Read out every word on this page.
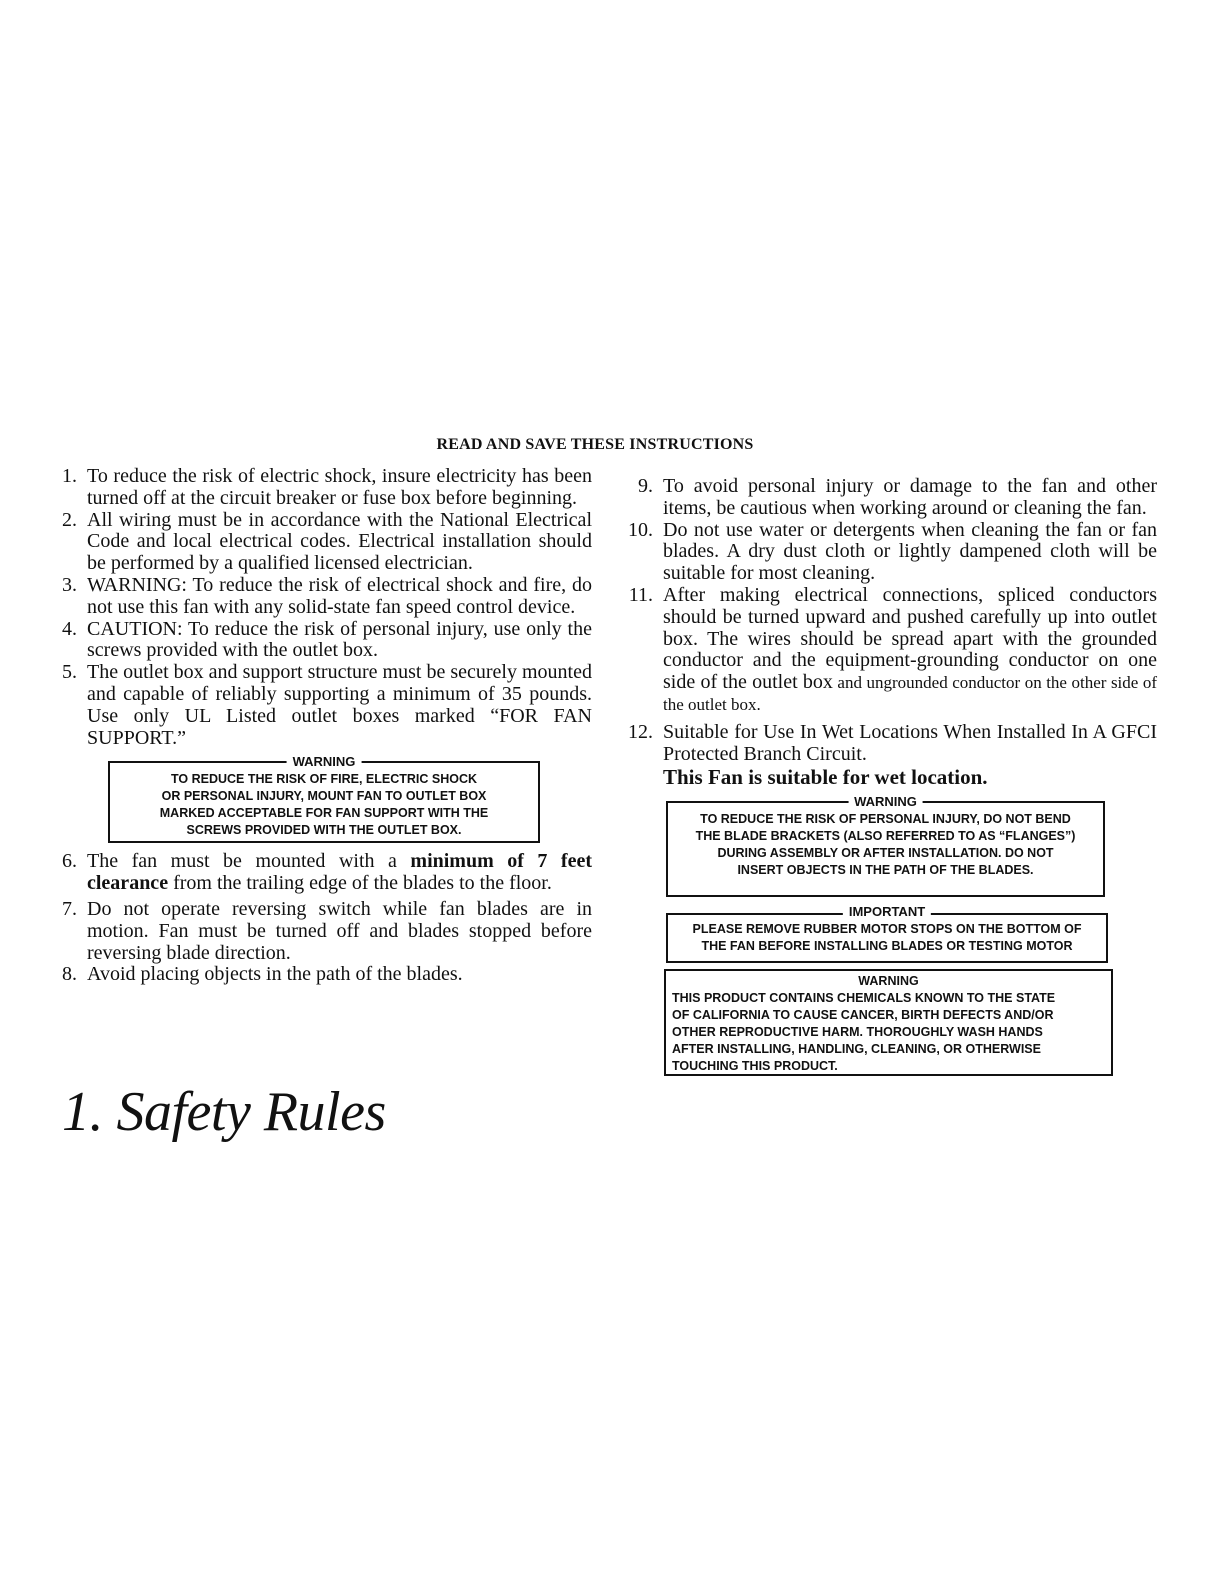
READ AND SAVE THESE INSTRUCTIONS
1. To reduce the risk of electric shock, insure electricity has been turned off at the circuit breaker or fuse box before beginning.
2. All wiring must be in accordance with the National Electrical Code and local electrical codes. Electrical installation should be performed by a qualified licensed electrician.
3. WARNING: To reduce the risk of electrical shock and fire, do not use this fan with any solid-state fan speed control device.
4. CAUTION: To reduce the risk of personal injury, use only the screws provided with the outlet box.
5. The outlet box and support structure must be securely mounted and capable of reliably supporting a minimum of 35 pounds. Use only UL Listed outlet boxes marked “FOR FAN SUPPORT.”
WARNING
TO REDUCE THE RISK OF FIRE, ELECTRIC SHOCK
OR PERSONAL INJURY, MOUNT FAN TO OUTLET BOX
MARKED ACCEPTABLE FOR FAN SUPPORT WITH THE
SCREWS PROVIDED WITH THE OUTLET BOX.
6. The fan must be mounted with a minimum of 7 feet clearance from the trailing edge of the blades to the floor.
7. Do not operate reversing switch while fan blades are in motion. Fan must be turned off and blades stopped before reversing blade direction.
8. Avoid placing objects in the path of the blades.
9. To avoid personal injury or damage to the fan and other items, be cautious when working around or cleaning the fan.
10. Do not use water or detergents when cleaning the fan or fan blades. A dry dust cloth or lightly dampened cloth will be suitable for most cleaning.
11. After making electrical connections, spliced conductors should be turned upward and pushed carefully up into outlet box. The wires should be spread apart with the grounded conductor and the equipment-grounding conductor on one side of the outlet box and ungrounded conductor on the other side of the outlet box.
12. Suitable for Use In Wet Locations When Installed In A GFCI Protected Branch Circuit.
This Fan is suitable for wet location.
WARNING
TO REDUCE THE RISK OF PERSONAL INJURY, DO NOT BEND
THE BLADE BRACKETS (ALSO REFERRED TO AS “FLANGES”)
DURING ASSEMBLY OR AFTER INSTALLATION. DO NOT
INSERT OBJECTS IN THE PATH OF THE BLADES.
IMPORTANT
PLEASE REMOVE RUBBER MOTOR STOPS ON THE BOTTOM OF
THE FAN BEFORE INSTALLING BLADES OR TESTING MOTOR
WARNING
THIS PRODUCT CONTAINS CHEMICALS KNOWN TO THE STATE
OF CALIFORNIA TO CAUSE CANCER, BIRTH DEFECTS AND/OR
OTHER REPRODUCTIVE HARM. THOROUGHLY WASH HANDS
AFTER INSTALLING, HANDLING, CLEANING, OR OTHERWISE
TOUCHING THIS PRODUCT.
1. Safety Rules
